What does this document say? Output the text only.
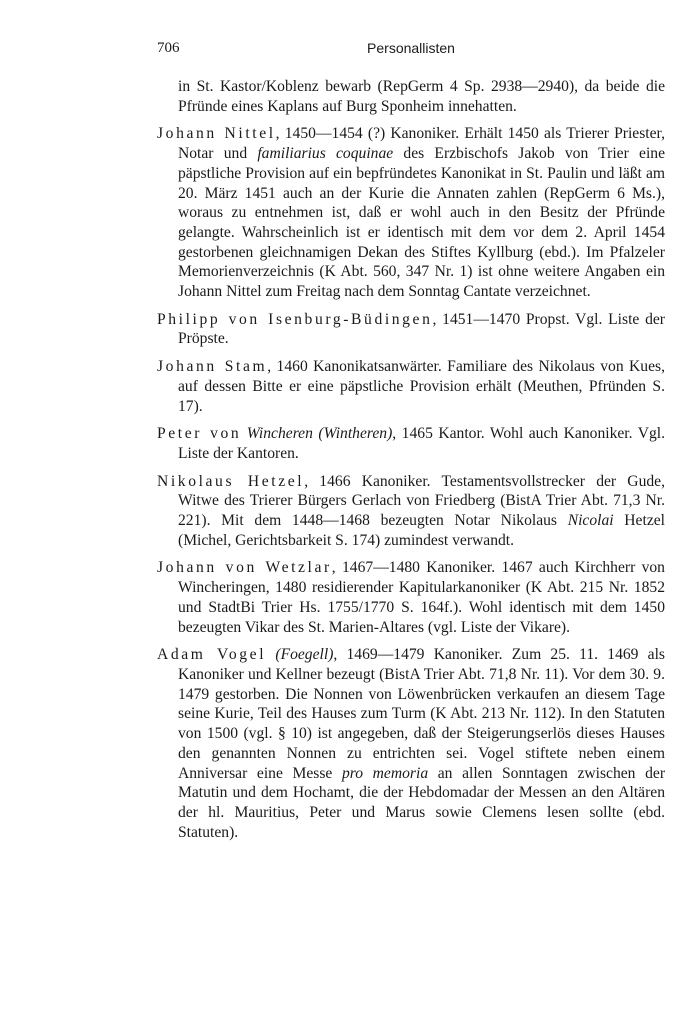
706	Personallisten

in St. Kastor/Koblenz bewarb (RepGerm 4 Sp. 2938—2940), da beide die Pfründe eines Kaplans auf Burg Sponheim innehatten.

Johann Nittel, 1450—1454 (?) Kanoniker. Erhält 1450 als Trierer Priester, Notar und familiarius coquinae des Erzbischofs Jakob von Trier eine päpstliche Provision auf ein bepfründetes Kanonikat in St. Paulin und läßt am 20. März 1451 auch an der Kurie die Annaten zahlen (RepGerm 6 Ms.), woraus zu entnehmen ist, daß er wohl auch in den Besitz der Pfründe gelangte. Wahrscheinlich ist er identisch mit dem vor dem 2. April 1454 gestorbenen gleichnamigen Dekan des Stiftes Kyllburg (ebd.). Im Pfalzeler Memorienverzeichnis (K Abt. 560, 347 Nr. 1) ist ohne weitere Angaben ein Johann Nittel zum Freitag nach dem Sonntag Cantate verzeichnet.

Philipp von Isenburg-Büdingen, 1451—1470 Propst. Vgl. Liste der Pröpste.

Johann Stam, 1460 Kanonikatsanwärter. Familiare des Nikolaus von Kues, auf dessen Bitte er eine päpstliche Provision erhält (Meuthen, Pfründen S. 17).

Peter von Wincheren (Wintheren), 1465 Kantor. Wohl auch Kanoniker. Vgl. Liste der Kantoren.

Nikolaus Hetzel, 1466 Kanoniker. Testamentsvollstrecker der Gude, Witwe des Trierer Bürgers Gerlach von Friedberg (BistA Trier Abt. 71,3 Nr. 221). Mit dem 1448—1468 bezeugten Notar Nikolaus Nicolai Hetzel (Michel, Gerichtsbarkeit S. 174) zumindest verwandt.

Johann von Wetzlar, 1467—1480 Kanoniker. 1467 auch Kirchherr von Wincheringen, 1480 residierender Kapitularkanoniker (K Abt. 215 Nr. 1852 und StadtBi Trier Hs. 1755/1770 S. 164f.). Wohl identisch mit dem 1450 bezeugten Vikar des St. Marien-Altares (vgl. Liste der Vikare).

Adam Vogel (Foegell), 1469—1479 Kanoniker. Zum 25. 11. 1469 als Kanoniker und Kellner bezeugt (BistA Trier Abt. 71,8 Nr. 11). Vor dem 30. 9. 1479 gestorben. Die Nonnen von Löwenbrücken verkaufen an diesem Tage seine Kurie, Teil des Hauses zum Turm (K Abt. 213 Nr. 112). In den Statuten von 1500 (vgl. § 10) ist angegeben, daß der Steigerungserlös dieses Hauses den genannten Nonnen zu entrichten sei. Vogel stiftete neben einem Anniversar eine Messe pro memoria an allen Sonntagen zwischen der Matutin und dem Hochamt, die der Hebdomadar der Messen an den Altären der hl. Mauritius, Peter und Marus sowie Clemens lesen sollte (ebd. Statuten).
